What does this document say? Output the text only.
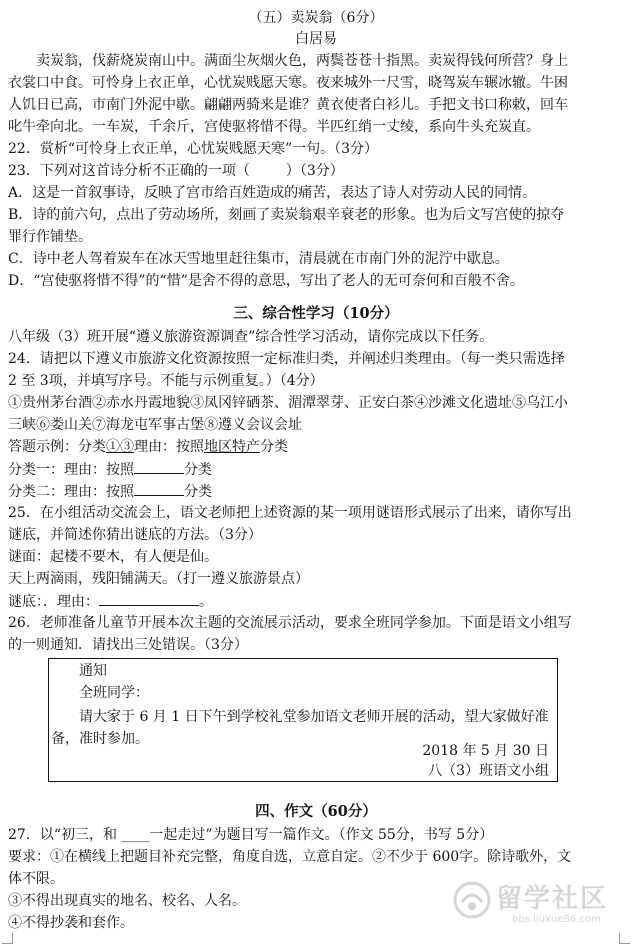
（五）卖炭翁（6分）
白居易
　　卖炭翁，伐薪烧炭南山中。满面尘灰烟火色，两鬓苍苍十指黑。卖炭得钱何所营？身上
衣裳口中食。可怜身上衣正单，心忧炭贱愿天寒。夜来城外一尺雪，晓驾炭车辗冰辙。牛困
人饥日已高，市南门外泥中歇。翩翩两骑来是谁？黄衣使者白衫儿。手把文书口称敕，回车
叱牛牵向北。一车炭，千余斤，宫使驱将惜不得。半匹红绡一丈绫，系向牛头充炭直。
22．赏析“可怜身上衣正单，心忧炭贱愿天寒”一句。（3分）
23．下列对这首诗分析不正确的一项（	）（3分）
A．这是一首叙事诗，反映了宫市给百姓造成的痛苦，表达了诗人对劳动人民的同情。
B．诗的前六句，点出了劳动场所，刻画了卖炭翁艰辛衰老的形象。也为后文写宫使的掠夺
罪行作铺垫。
C．诗中老人驾着炭车在冰天雪地里赶往集市，清晨就在市南门外的泥泞中歇息。
D．“宫使驱将惜不得”的“惜”是舍不得的意思，写出了老人的无可奈何和百般不舍。
三、综合性学习（10分）
八年级（3）班开展“遵义旅游资源调查”综合性学习活动，请你完成以下任务。
24．请把以下遵义市旅游文化资源按照一定标准归类，并阐述归类理由。（每一类只需选择
2 至 3项，并填写序号。不能与示例重复。）（4分）
①贵州茅台酒②赤水丹霞地貌③凤冈锌硒茶、湄潭翠芽、正安白茶④沙滩文化遗址⑤乌江小
三峡⑥娄山关⑦海龙屯军事古堡⑧遵义会议会址
答题示例：分类①③理由：按照地区特产分类
分类一：理由：按照	分类
分类二：理由：按照	分类
25．在小组活动交流会上，语文老师把上述资源的某一项用谜语形式展示了出来，请你写出
谜底，并简述你猜出谜底的方法。（3分）
谜面：起楼不要木，有人便是仙。
天上两滴雨，残阳铺满天。（打一遵义旅游景点）
谜底：．理由：	。
26．老师准备儿童节开展本次主题的交流展示活动，要求全班同学参加。下面是语文小组写
的一则通知．请找出三处错误。（3分）
通知
全班同学：
请大家于 6 月 1 日下午到学校礼堂参加语文老师开展的活动，望大家做好准
备，准时参加。
2018 年 5 月 30 日
八（3）班语文小组
四、作文（60分）
27．以“初三，和 ____一起走过”为题目写一篇作文。（作文 55分，书写 5分）
要求：①在横线上把题目补充完整，角度自选，立意自定。②不少于 600字。除诗歌外，文
体不限。
③不得出现真实的地名、校名、人名。
④不得抄袭和套作。
留学社区
bbs.liuxue86.com
